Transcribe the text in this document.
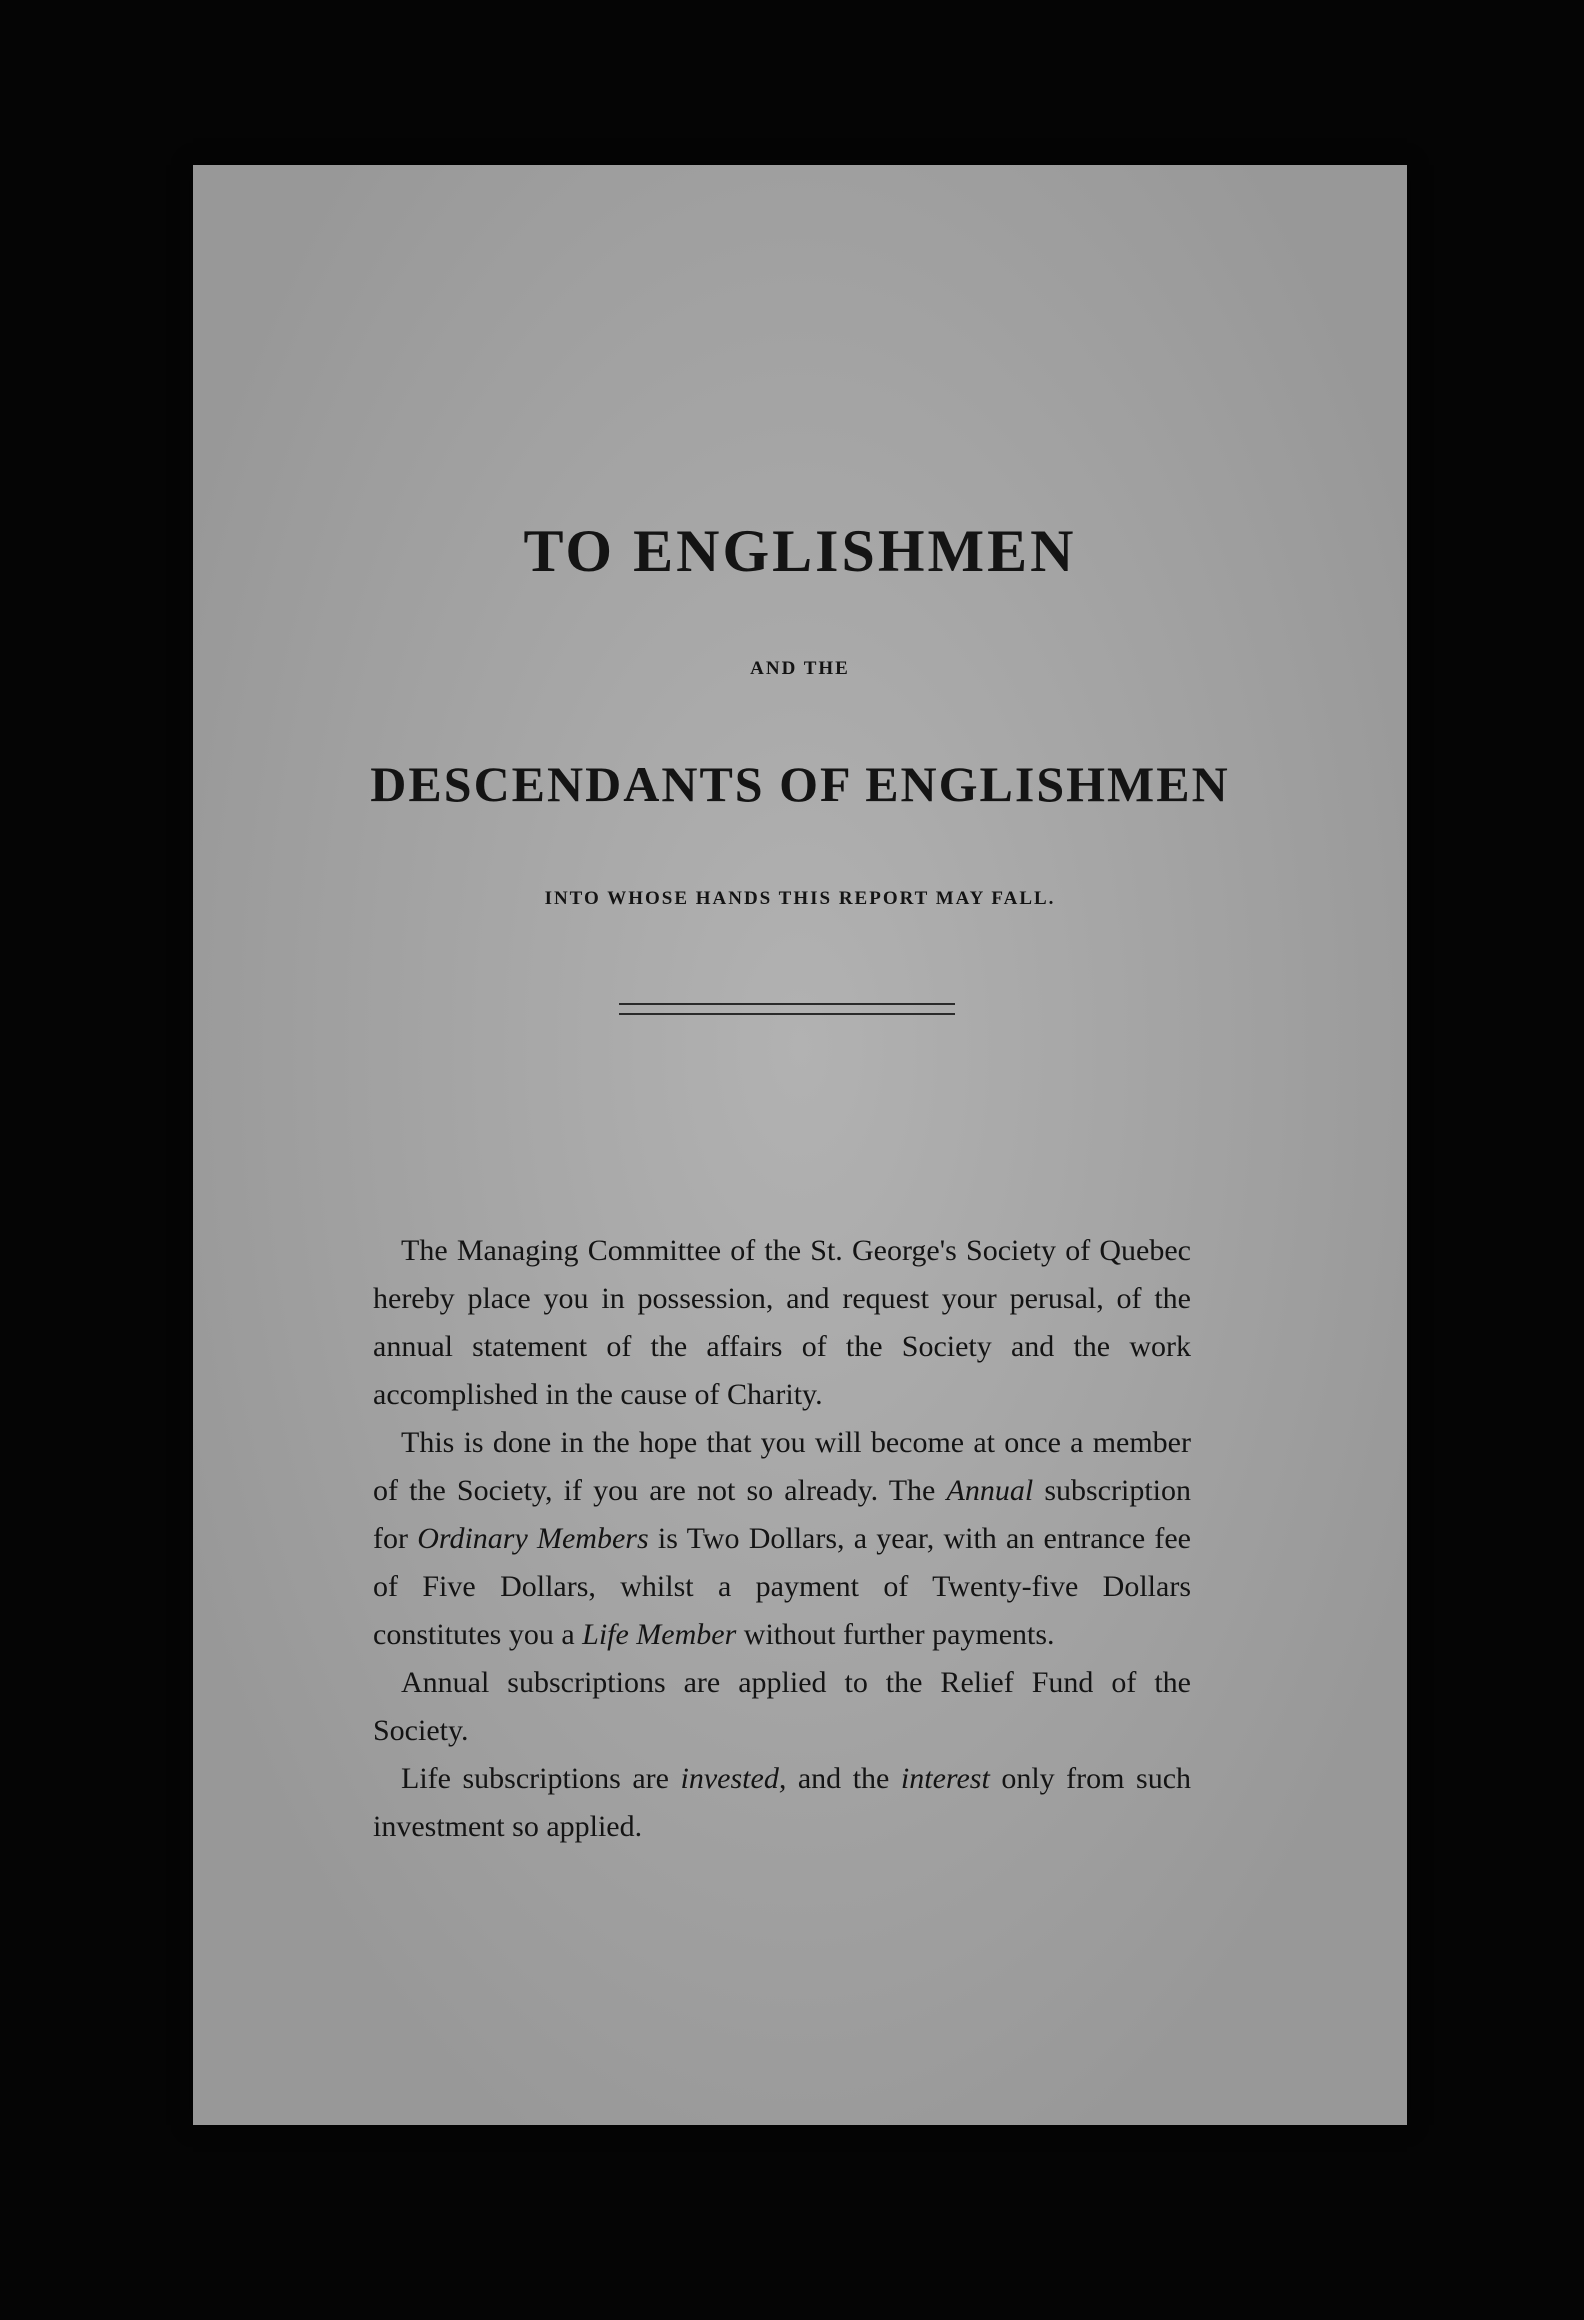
TO ENGLISHMEN
AND THE
DESCENDANTS OF ENGLISHMEN
INTO WHOSE HANDS THIS REPORT MAY FALL.

The Managing Committee of the St. George's Society of Quebec hereby place you in possession, and request your perusal, of the annual statement of the affairs of the Society and the work accomplished in the cause of Charity.

This is done in the hope that you will become at once a member of the Society, if you are not so already. The Annual subscription for Ordinary Members is Two Dollars, a year, with an entrance fee of Five Dollars, whilst a payment of Twenty-five Dollars constitutes you a Life Member without further payments.

Annual subscriptions are applied to the Relief Fund of the Society.

Life subscriptions are invested, and the interest only from such investment so applied.
